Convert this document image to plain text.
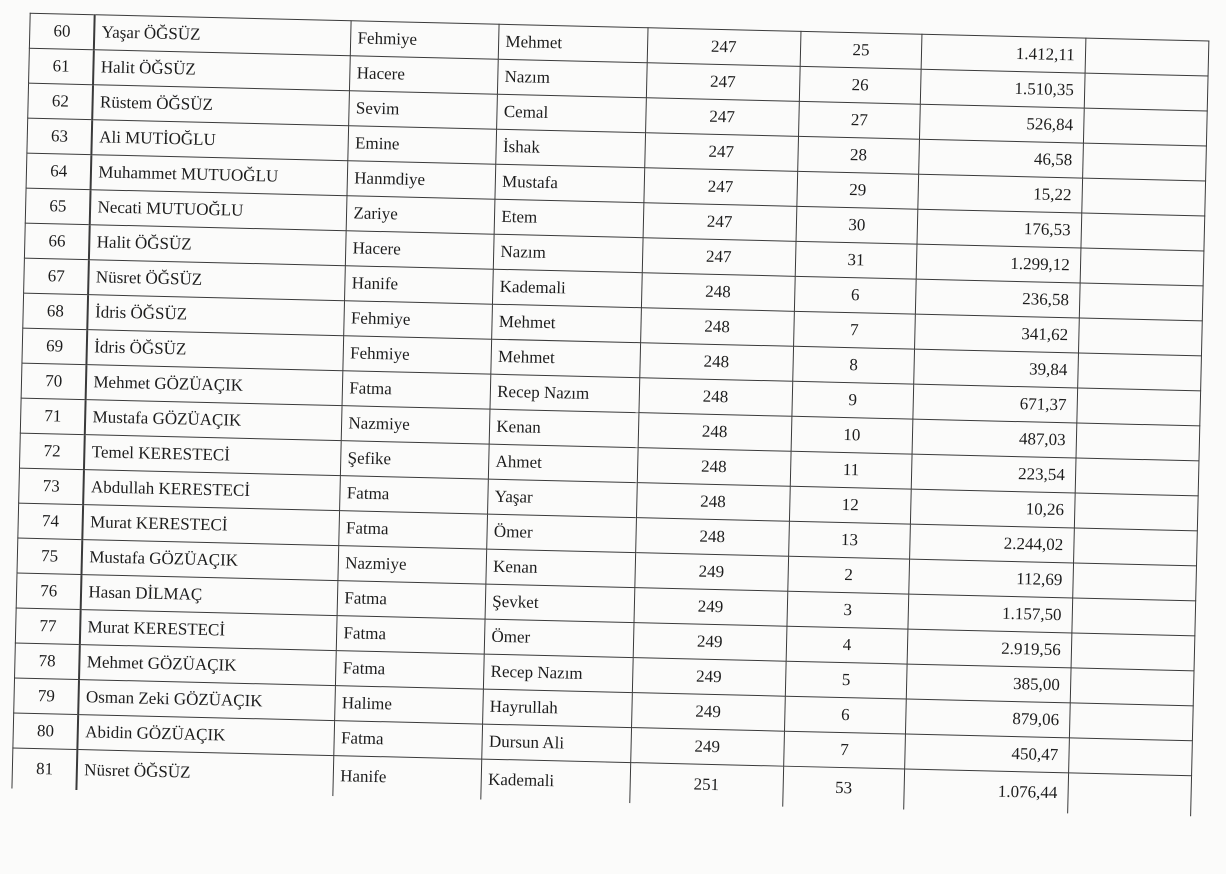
60	Yaşar ÖĞSÜZ	Fehmiye	Mehmet	247	25	1.412,11	
61	Halit ÖĞSÜZ	Hacere	Nazım	247	26	1.510,35	
62	Rüstem ÖĞSÜZ	Sevim	Cemal	247	27	526,84	
63	Ali MUTİOĞLU	Emine	İshak	247	28	46,58	
64	Muhammet MUTUOĞLU	Hanmdiye	Mustafa	247	29	15,22	
65	Necati MUTUOĞLU	Zariye	Etem	247	30	176,53	
66	Halit ÖĞSÜZ	Hacere	Nazım	247	31	1.299,12	
67	Nüsret ÖĞSÜZ	Hanife	Kademali	248	6	236,58	
68	İdris ÖĞSÜZ	Fehmiye	Mehmet	248	7	341,62	
69	İdris ÖĞSÜZ	Fehmiye	Mehmet	248	8	39,84	
70	Mehmet GÖZÜAÇIK	Fatma	Recep Nazım	248	9	671,37	
71	Mustafa GÖZÜAÇIK	Nazmiye	Kenan	248	10	487,03	
72	Temel KERESTECİ	Şefike	Ahmet	248	11	223,54	
73	Abdullah KERESTECİ	Fatma	Yaşar	248	12	10,26	
74	Murat KERESTECİ	Fatma	Ömer	248	13	2.244,02	
75	Mustafa GÖZÜAÇIK	Nazmiye	Kenan	249	2	112,69	
76	Hasan DİLMAÇ	Fatma	Şevket	249	3	1.157,50	
77	Murat KERESTECİ	Fatma	Ömer	249	4	2.919,56	
78	Mehmet GÖZÜAÇIK	Fatma	Recep Nazım	249	5	385,00	
79	Osman Zeki GÖZÜAÇIK	Halime	Hayrullah	249	6	879,06	
80	Abidin GÖZÜAÇIK	Fatma	Dursun Ali	249	7	450,47	
81	Nüsret ÖĞSÜZ	Hanife	Kademali	251	53	1.076,44	
